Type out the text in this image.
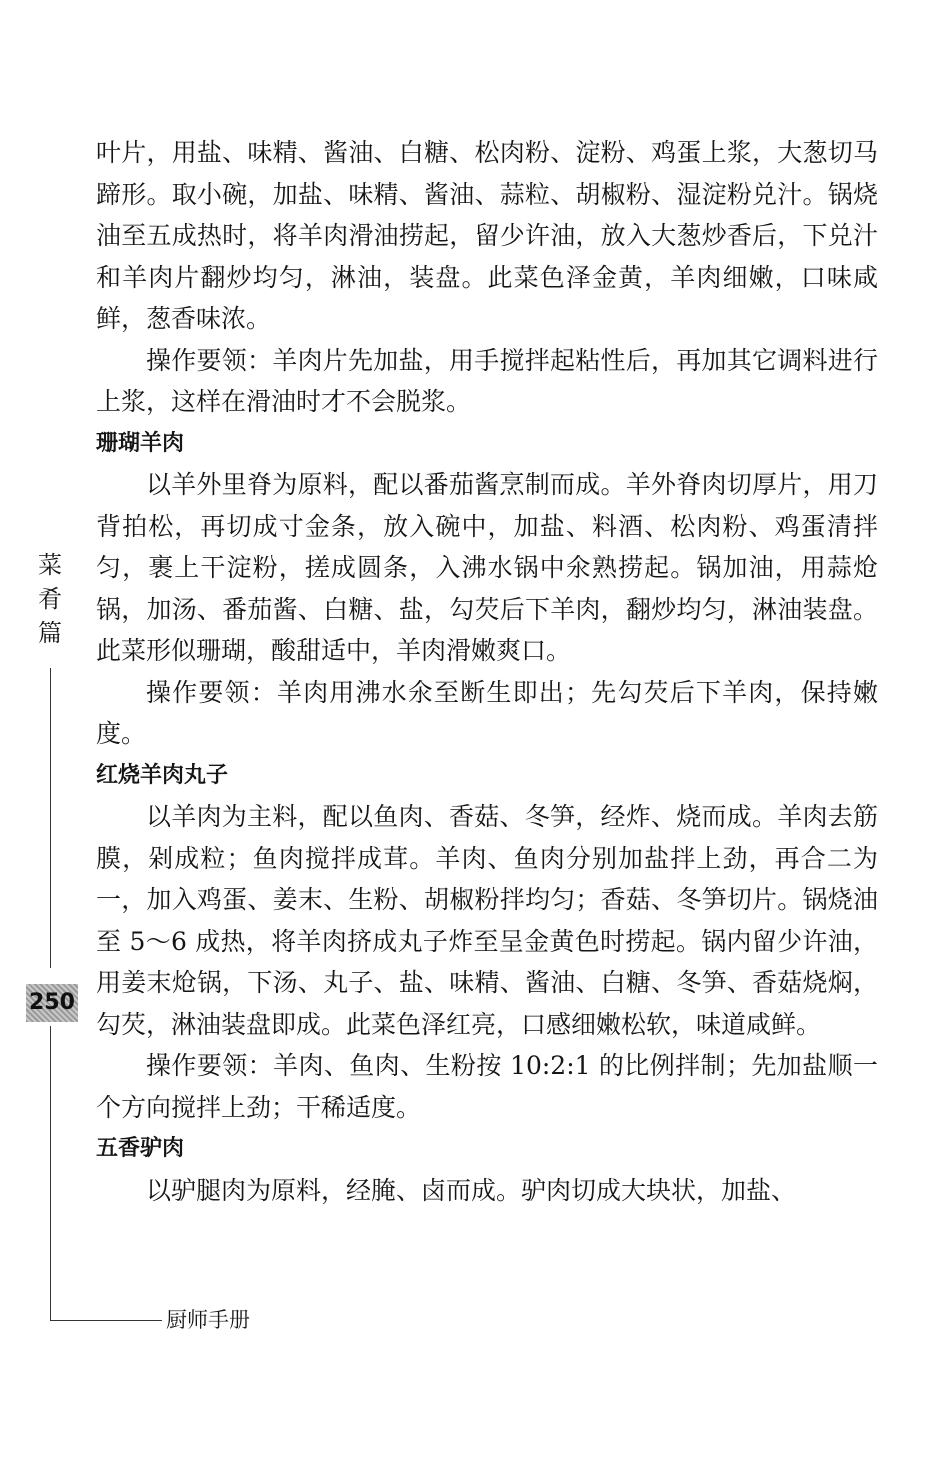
叶片，用盐、味精、酱油、白糖、松肉粉、淀粉、鸡蛋上浆，大葱切马蹄形。取小碗，加盐、味精、酱油、蒜粒、胡椒粉、湿淀粉兑汁。锅烧油至五成热时，将羊肉滑油捞起，留少许油，放入大葱炒香后，下兑汁和羊肉片翻炒均匀，淋油，装盘。此菜色泽金黄，羊肉细嫩，口味咸鲜，葱香味浓。

操作要领：羊肉片先加盐，用手搅拌起粘性后，再加其它调料进行上浆，这样在滑油时才不会脱浆。

珊瑚羊肉

以羊外里脊为原料，配以番茄酱烹制而成。羊外脊肉切厚片，用刀背拍松，再切成寸金条，放入碗中，加盐、料酒、松肉粉、鸡蛋清拌匀，裹上干淀粉，搓成圆条，入沸水锅中氽熟捞起。锅加油，用蒜炝锅，加汤、番茄酱、白糖、盐，勾芡后下羊肉，翻炒均匀，淋油装盘。此菜形似珊瑚，酸甜适中，羊肉滑嫩爽口。

操作要领：羊肉用沸水氽至断生即出；先勾芡后下羊肉，保持嫩度。

红烧羊肉丸子

以羊肉为主料，配以鱼肉、香菇、冬笋，经炸、烧而成。羊肉去筋膜，剁成粒；鱼肉搅拌成茸。羊肉、鱼肉分别加盐拌上劲，再合二为一，加入鸡蛋、姜末、生粉、胡椒粉拌均匀；香菇、冬笋切片。锅烧油至 5～6 成热，将羊肉挤成丸子炸至呈金黄色时捞起。锅内留少许油，用姜末炝锅，下汤、丸子、盐、味精、酱油、白糖、冬笋、香菇烧焖，勾芡，淋油装盘即成。此菜色泽红亮，口感细嫩松软，味道咸鲜。

操作要领：羊肉、鱼肉、生粉按 10:2:1 的比例拌制；先加盐顺一个方向搅拌上劲；干稀适度。

五香驴肉

以驴腿肉为原料，经腌、卤而成。驴肉切成大块状，加盐、

菜
肴
篇
250
厨师手册
